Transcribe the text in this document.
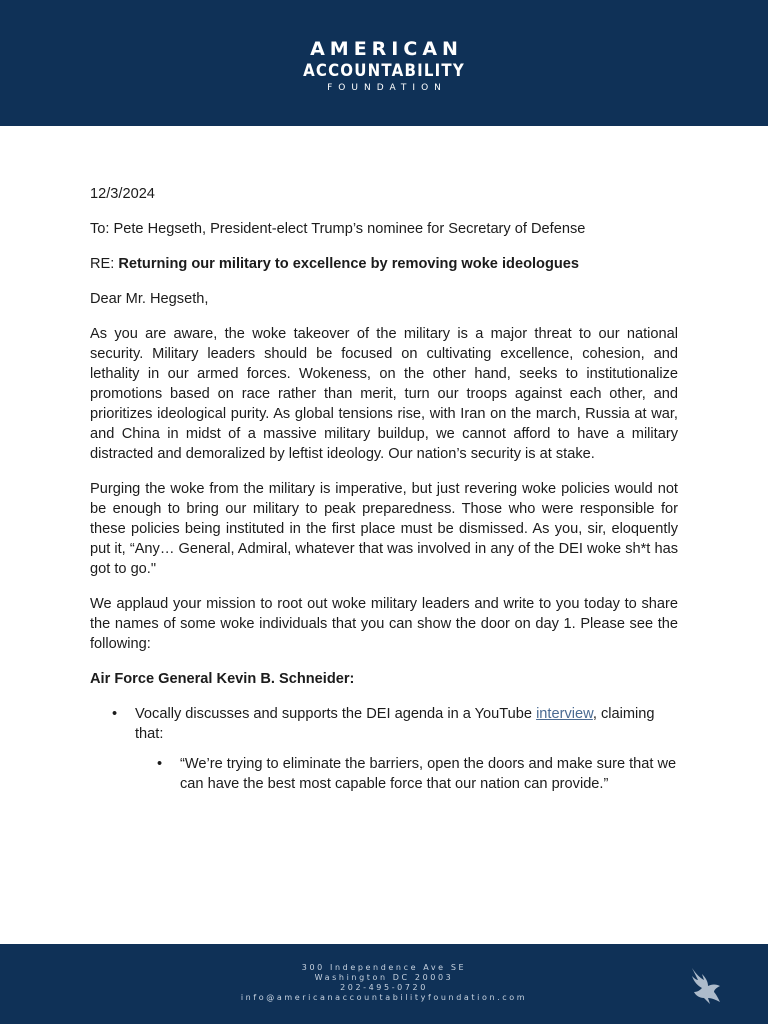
AMERICAN
ACCOUNTABILITY
FOUNDATION

12/3/2024

To: Pete Hegseth, President-elect Trump’s nominee for Secretary of Defense

RE: Returning our military to excellence by removing woke ideologues

Dear Mr. Hegseth,

As you are aware, the woke takeover of the military is a major threat to our national security. Military leaders should be focused on cultivating excellence, cohesion, and lethality in our armed forces. Wokeness, on the other hand, seeks to institutionalize promotions based on race rather than merit, turn our troops against each other, and prioritizes ideological purity. As global tensions rise, with Iran on the march, Russia at war, and China in midst of a massive military buildup, we cannot afford to have a military distracted and demoralized by leftist ideology. Our nation’s security is at stake.

Purging the woke from the military is imperative, but just revering woke policies would not be enough to bring our military to peak preparedness. Those who were responsible for these policies being instituted in the first place must be dismissed. As you, sir, eloquently put it, “Any… General, Admiral, whatever that was involved in any of the DEI woke sh*t has got to go."

We applaud your mission to root out woke military leaders and write to you today to share the names of some woke individuals that you can show the door on day 1. Please see the following:

Air Force General Kevin B. Schneider:

• Vocally discusses and supports the DEI agenda in a YouTube interview, claiming that:
• “We’re trying to eliminate the barriers, open the doors and make sure that we can have the best most capable force that our nation can provide.”
300 Independence Ave SE
Washington DC 20003
202-495-0720
info@americanaccountabilityfoundation.com
